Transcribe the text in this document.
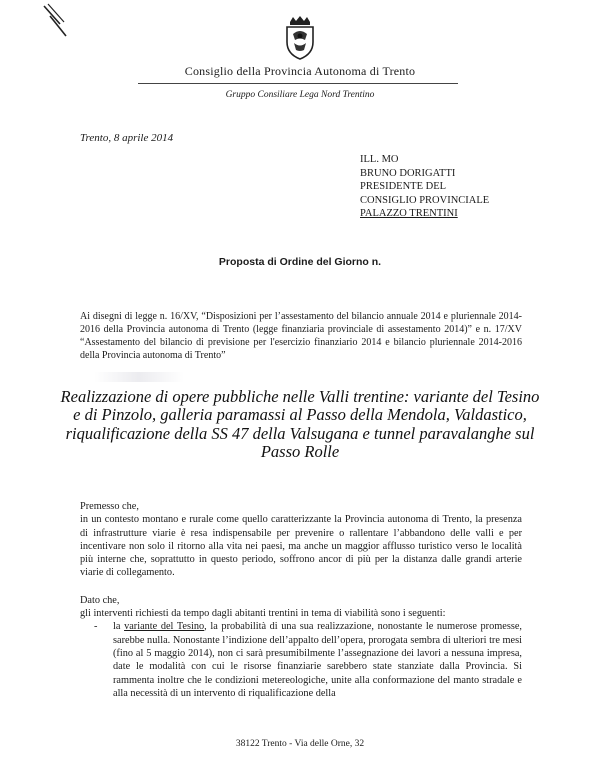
Consiglio della Provincia Autonoma di Trento
Gruppo Consiliare Lega Nord Trentino
Trento, 8 aprile 2014
ILL. MO
BRUNO DORIGATTI
PRESIDENTE DEL
CONSIGLIO PROVINCIALE
PALAZZO TRENTINI
Proposta di Ordine del Giorno n.
Ai disegni di legge n. 16/XV, “Disposizioni per l’assestamento del bilancio annuale 2014 e pluriennale 2014-2016 della Provincia autonoma di Trento (legge finanziaria provinciale di assestamento 2014)” e n. 17/XV “Assestamento del bilancio di previsione per l'esercizio finanziario 2014 e bilancio pluriennale 2014-2016 della Provincia autonoma di Trento”
Realizzazione di opere pubbliche nelle Valli trentine: variante del Tesino e di Pinzolo, galleria paramassi al Passo della Mendola, Valdastico, riqualificazione della SS 47 della Valsugana e tunnel paravalanghe sul Passo Rolle

Premesso che,
in un contesto montano e rurale come quello caratterizzante la Provincia autonoma di Trento, la presenza di infrastrutture viarie è resa indispensabile per prevenire o rallentare l’abbandono delle valli e per incentivare non solo il ritorno alla vita nei paesi, ma anche un maggior afflusso turistico verso le località più interne che, soprattutto in questo periodo, soffrono ancor di più per la distanza dalle grandi arterie viarie di collegamento.

Dato che,
gli interventi richiesti da tempo dagli abitanti trentini in tema di viabilità sono i seguenti:

- la variante del Tesino, la probabilità di una sua realizzazione, nonostante le numerose promesse, sarebbe nulla. Nonostante l’indizione dell’appalto dell’opera, prorogata sembra di ulteriori tre mesi (fino al 5 maggio 2014), non ci sarà presumibilmente l’assegnazione dei lavori a nessuna impresa, date le modalità con cui le risorse finanziarie sarebbero state stanziate dalla Provincia. Si rammenta inoltre che le condizioni metereologiche, unite alla conformazione del manto stradale e alla necessità di un intervento di riqualificazione della
38122 Trento - Via delle Orne, 32
